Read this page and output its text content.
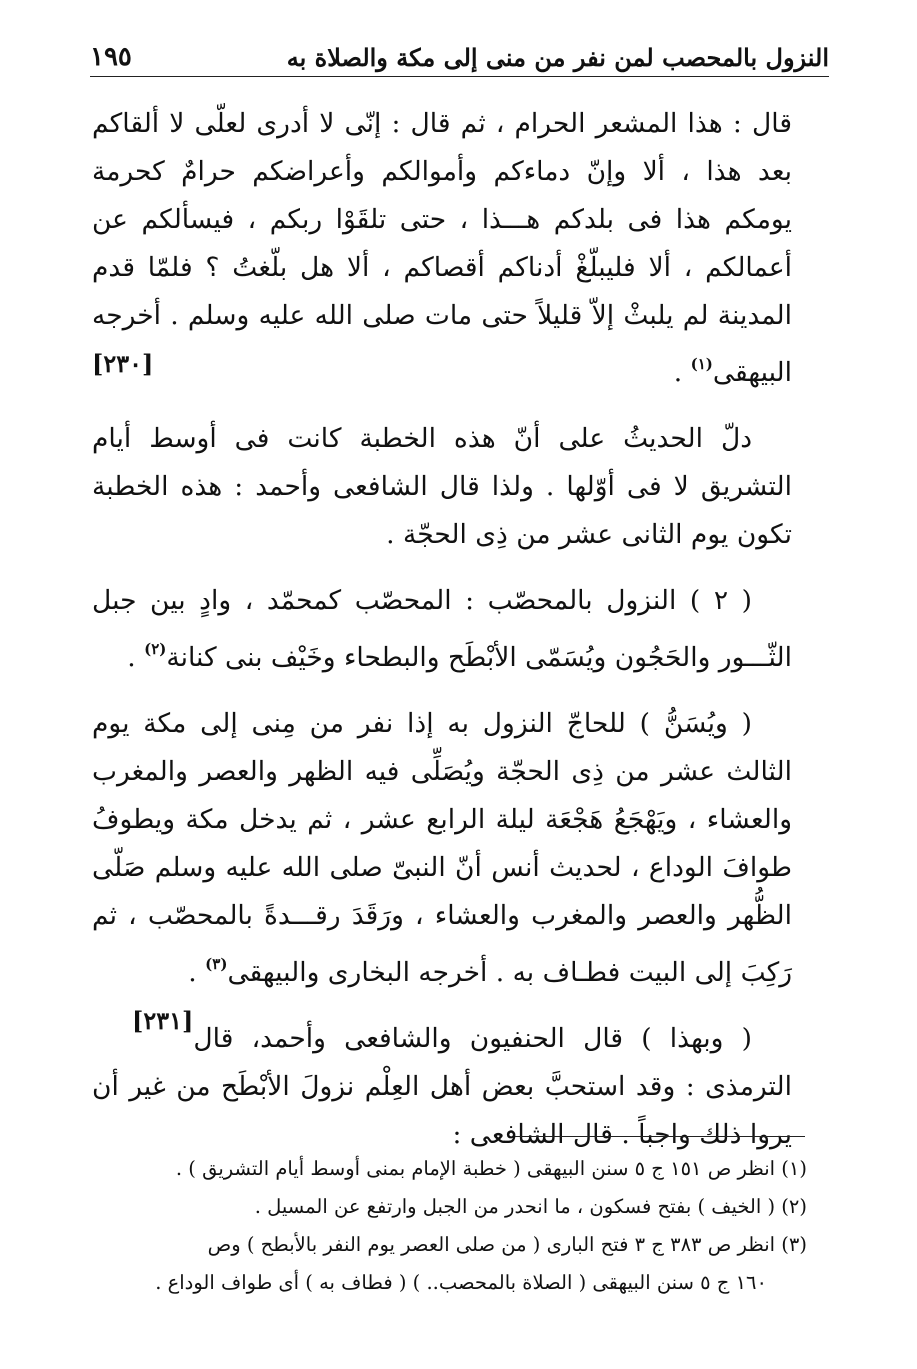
النزول بالمحصب لمن نفر من منى إلى مكة والصلاة به
١٩٥

قال : هذا المشعر الحرام ، ثم قال : إنّى لا أدرى لعلّى لا ألقاكم بعد هذا ، ألا وإنّ دماءكم وأموالكم وأعراضكم حرامٌ كحرمة يومكم هذا فى بلدكم هـــذا ، حتى تلقَوْا ربكم ، فيسألكم عن أعمالكم ، ألا فليبلّغْ أدناكم أقصاكم ، ألا هل بلّغتُ ؟ فلمّا قدم المدينة لم يلبثْ إلاّ قليلاً حتى مات صلى الله عليه وسلم . أخرجه البيهقى$^{(١)}$ .
[٢٣٠]

دلّ الحديثُ على أنّ هذه الخطبة كانت فى أوسط أيام التشريق لا فى أوّلها . ولذا قال الشافعى وأحمد : هذه الخطبة تكون يوم الثانى عشر من ذِى الحجّة .

( ٢ ) النزول بالمحصّب : المحصّب كمحمّد ، وادٍ بين جبل الثّـــور والحَجُون ويُسَمّى الأبْطَح والبطحاء وخَيْف بنى كنانة$^{(٢)}$ .

( ويُسَنُّ ) للحاجّ النزول به إذا نفر من مِنى إلى مكة يوم الثالث عشر من ذِى الحجّة ويُصَلِّى فيه الظهر والعصر والمغرب والعشاء ، ويَهْجَعُ هَجْعَة ليلة الرابع عشر ، ثم يدخل مكة ويطوفُ طوافَ الوداع ، لحديث أنس أنّ النبىّ صلى الله عليه وسلم صَلّى الظُّهر والعصر والمغرب والعشاء ، ورَقَدَ رقـــدةً بالمحصّب ، ثم رَكِبَ إلى البيت فطـاف به . أخرجه البخارى والبيهقى$^{(٣)}$ .
[٢٣١]

( وبهذا ) قال الحنفيون والشافعى وأحمد، قال الترمذى : وقد استحبَّ بعض أهل العِلْم نزولَ الأبْطَح من غير أن يروا ذلك واجباً . قال الشافعى :

(١) انظر ص ١٥١ ج ٥ سنن البيهقى ( خطبة الإمام بمنى أوسط أيام التشريق ) .

(٢) ( الخيف ) بفتح فسكون ، ما انحدر من الجبل وارتفع عن المسيل .

(٣) انظر ص ٣٨٣ ج ٣ فتح البارى ( من صلى العصر يوم النفر بالأبطح ) وص

١٦٠ ج ٥ سنن البيهقى ( الصلاة بالمحصب.. ) ( فطاف به ) أى طواف الوداع .
